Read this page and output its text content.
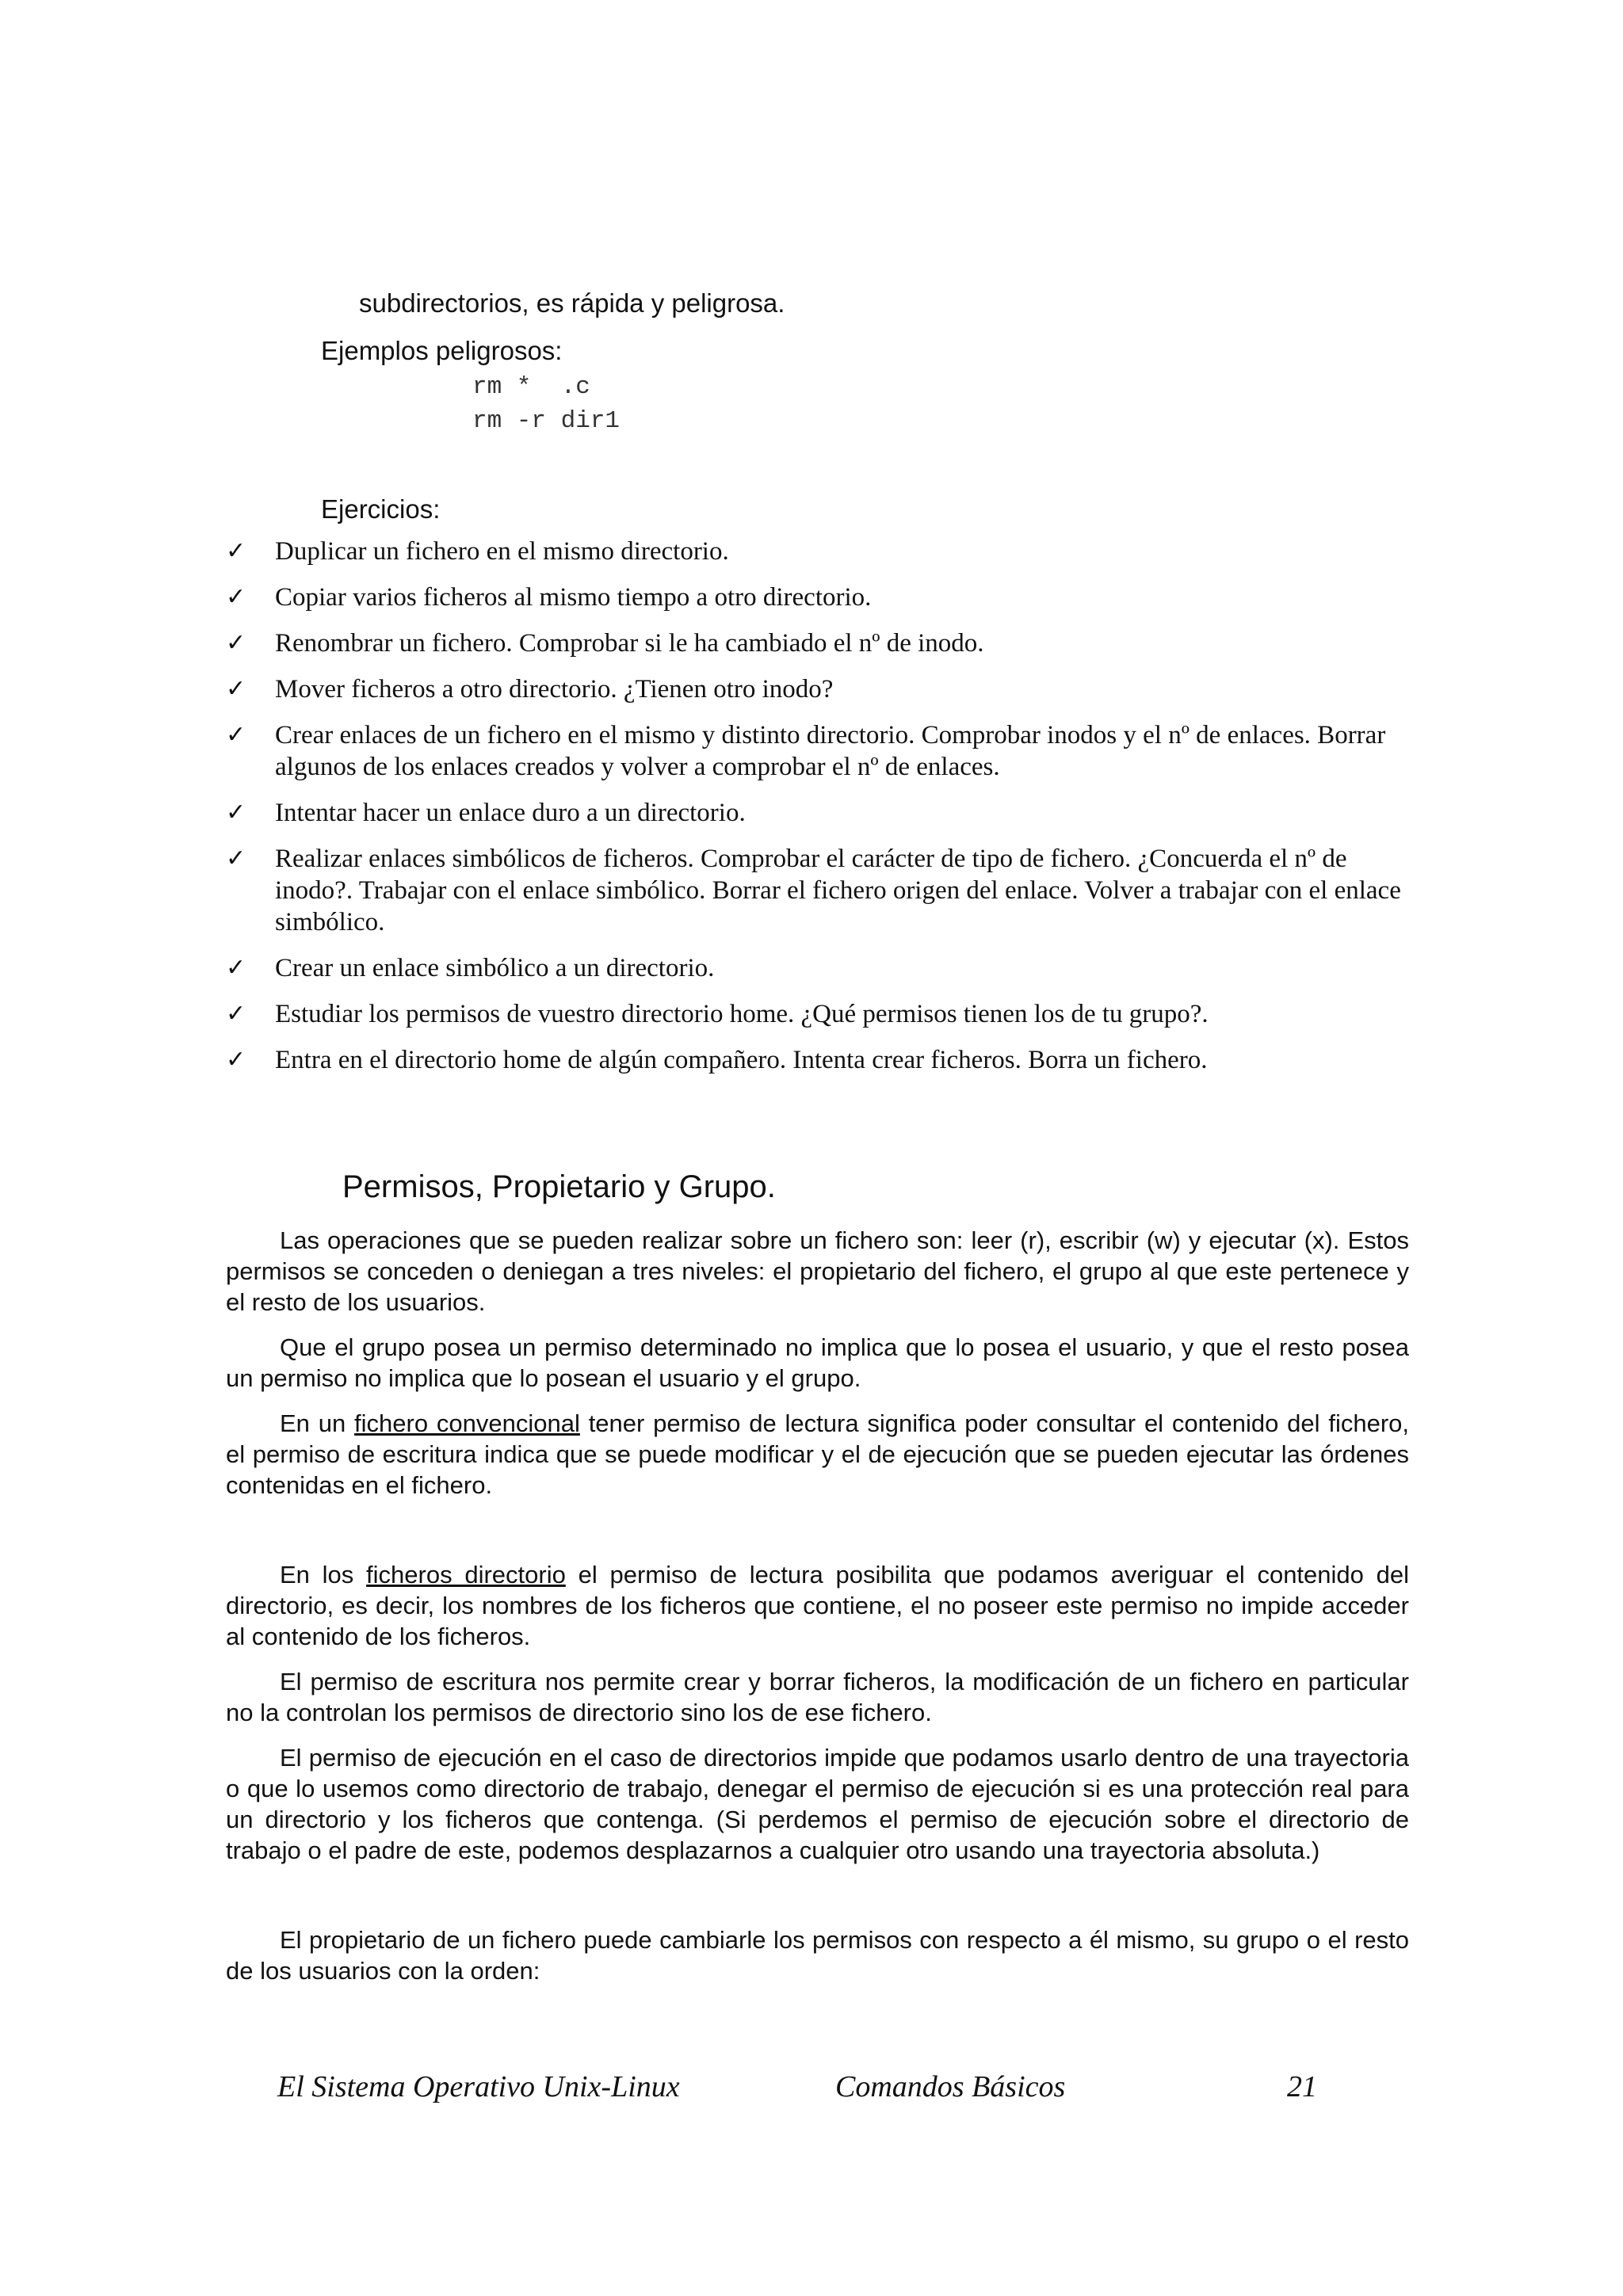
subdirectorios, es rápida y peligrosa.

Ejemplos peligrosos:

rm *  .c

rm -r dir1

Ejercicios:

✓	Duplicar un fichero en el mismo directorio.
✓	Copiar varios ficheros al mismo tiempo a otro directorio.
✓	Renombrar un fichero. Comprobar si le ha cambiado el nº de inodo.
✓	Mover ficheros a otro directorio. ¿Tienen otro inodo?
✓	Crear enlaces de un fichero en el mismo y distinto directorio. Comprobar inodos y el nº de enlaces. Borrar algunos de los enlaces creados y volver a comprobar el nº de enlaces.
✓	Intentar hacer un enlace duro a un directorio.
✓	Realizar enlaces simbólicos de ficheros. Comprobar el carácter de tipo de fichero. ¿Concuerda el nº de inodo?. Trabajar con el enlace simbólico. Borrar el fichero origen del enlace. Volver a trabajar con el enlace simbólico.
✓	Crear un enlace simbólico a un directorio.
✓	Estudiar los permisos de vuestro directorio home. ¿Qué permisos tienen los de tu grupo?.
✓	Entra en el directorio home de algún compañero. Intenta crear ficheros. Borra un fichero.
Permisos, Propietario y Grupo.

Las operaciones que se pueden realizar sobre un fichero son: leer (r), escribir (w) y ejecutar (x). Estos permisos se conceden o deniegan a tres niveles: el propietario del fichero, el grupo al que este pertenece y el resto de los usuarios.

Que el grupo posea un permiso determinado no implica que lo posea el usuario, y que el resto posea un permiso no implica que lo posean el usuario y el grupo.

En un fichero convencional tener permiso de lectura significa poder consultar el contenido del fichero, el permiso de escritura indica que se puede modificar y el de ejecución que se pueden ejecutar las órdenes contenidas en el fichero.

En los ficheros directorio el permiso de lectura posibilita que podamos averiguar el contenido del directorio, es decir, los nombres de los ficheros que contiene, el no poseer este permiso no impide acceder al contenido de los ficheros.

El permiso de escritura nos permite crear y borrar ficheros, la modificación de un fichero en particular no la controlan los permisos de directorio sino los de ese fichero.

El permiso de ejecución en el caso de directorios impide que podamos usarlo dentro de una trayectoria o que lo usemos como directorio de trabajo, denegar el permiso de ejecución si es una protección real para un directorio y los ficheros que contenga. (Si perdemos el permiso de ejecución sobre el directorio de trabajo o el padre de este, podemos desplazarnos a cualquier otro usando una trayectoria absoluta.)

El propietario de un fichero puede cambiarle los permisos con respecto a él mismo, su grupo o el resto de los usuarios con la orden:

El Sistema Operativo Unix-Linux	Comandos Básicos	21
